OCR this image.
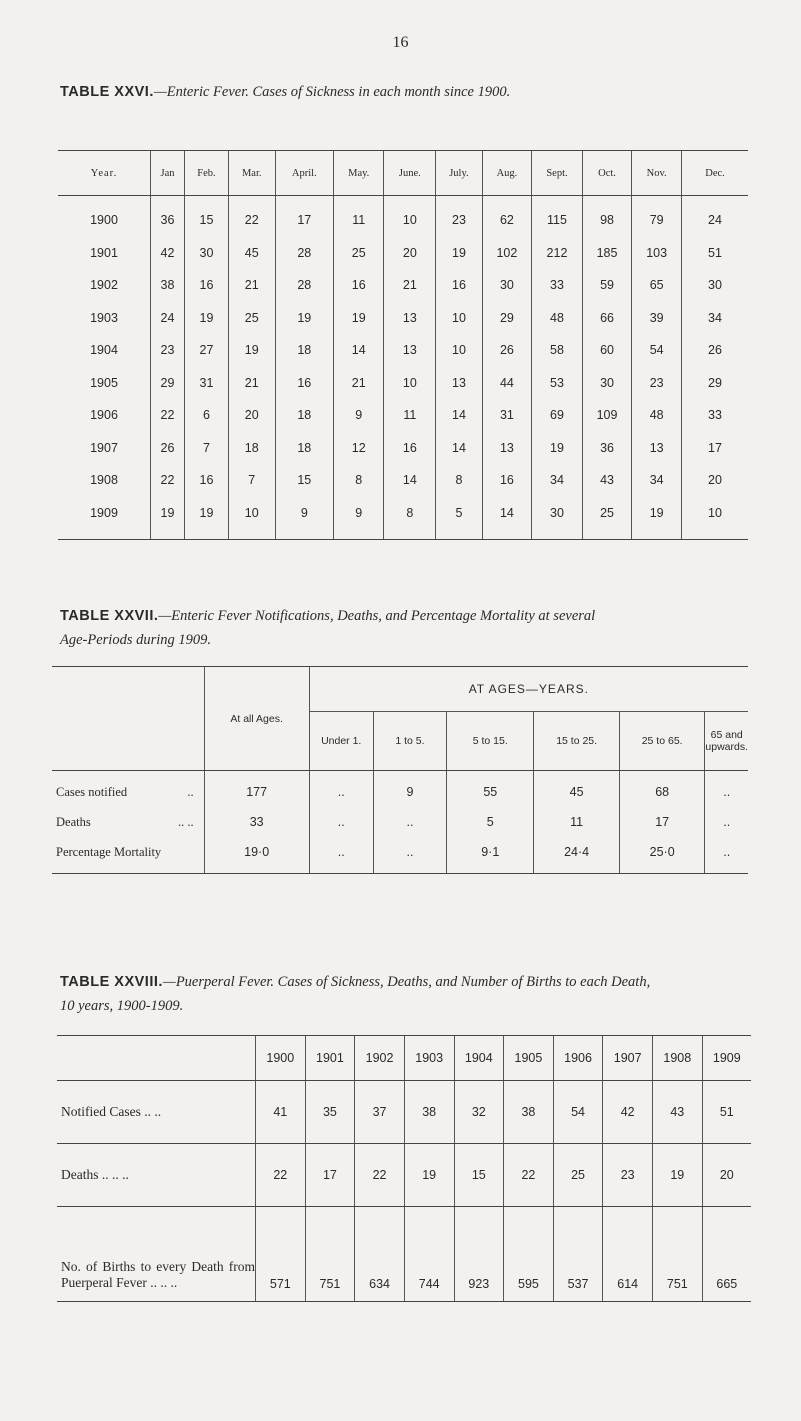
16
TABLE XXVI.—Enteric Fever. Cases of Sickness in each month since 1900.
Year.	Jan	Feb.	Mar.	April.	May.	June.	July.	Aug.	Sept.	Oct.	Nov.	Dec.
1900	36	15	22	17	11	10	23	62	115	98	79	24
1901	42	30	45	28	25	20	19	102	212	185	103	51
1902	38	16	21	28	16	21	16	30	33	59	65	30
1903	24	19	25	19	19	13	10	29	48	66	39	34
1904	23	27	19	18	14	13	10	26	58	60	54	26
1905	29	31	21	16	21	10	13	44	53	30	23	29
1906	22	6	20	18	9	11	14	31	69	109	48	33
1907	26	7	18	18	12	16	14	13	19	36	13	17
1908	22	16	7	15	8	14	8	16	34	43	34	20
1909	19	19	10	9	9	8	5	14	30	25	19	10
TABLE XXVII.—Enteric Fever Notifications, Deaths, and Percentage Mortality at several
Age-Periods during 1909.
	At all Ages.	AT AGES—YEARS.					
		Under 1.	1 to 5.	5 to 15.	15 to 25.	25 to 65.	65 and upwards.
Cases notified ..	177	..	9	55	45	68	..
Deaths .. ..	33	..	..	5	11	17	..
Percentage Mortality	19·0	..	..	9·1	24·4	25·0	..
TABLE XXVIII.—Puerperal Fever. Cases of Sickness, Deaths, and Number of Births to each Death,
10 years, 1900-1909.
	1900	1901	1902	1903	1904	1905	1906	1907	1908	1909
Notified Cases .. ..	41	35	37	38	32	38	54	42	43	51
Deaths .. .. ..	22	17	22	19	15	22	25	23	19	20
No. of Births to every Death from Puerperal Fever .. .. ..	571	751	634	744	923	595	537	614	751	665
